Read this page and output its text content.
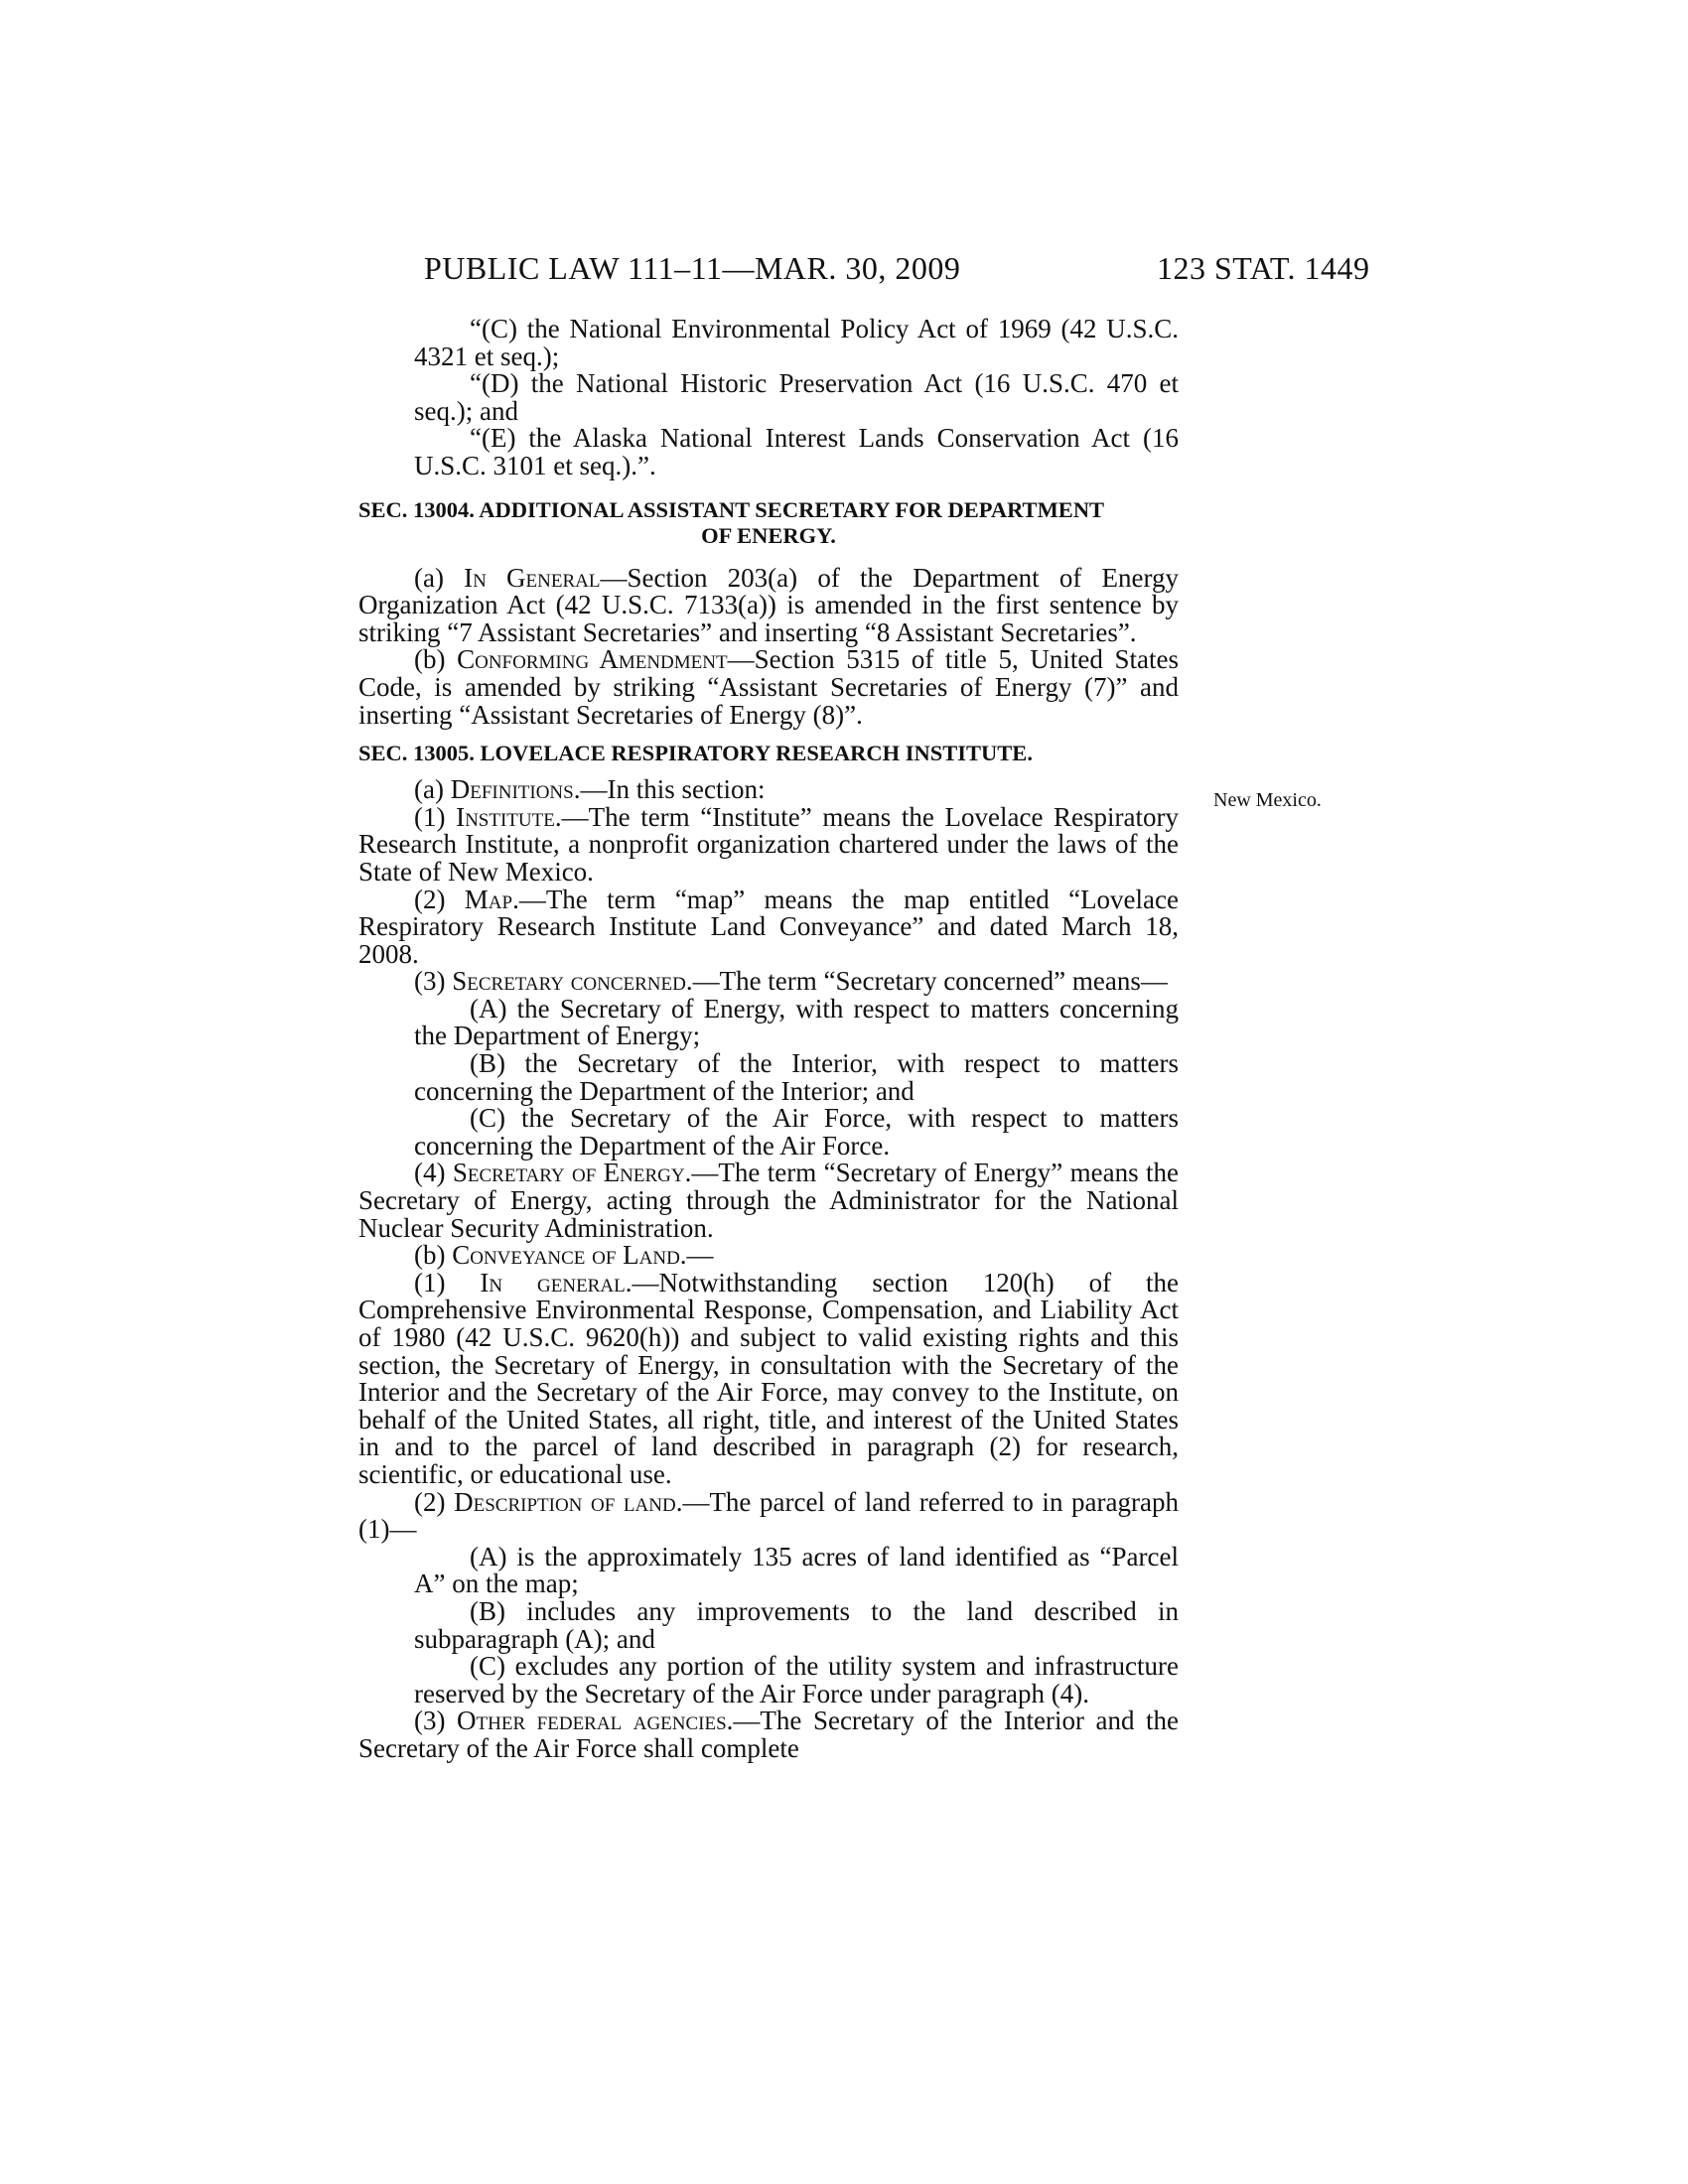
PUBLIC LAW 111–11—MAR. 30, 2009	123 STAT. 1449
New Mexico.

“(C) the National Environmental Policy Act of 1969 (42 U.S.C. 4321 et seq.);

“(D) the National Historic Preservation Act (16 U.S.C. 470 et seq.); and

“(E) the Alaska National Interest Lands Conservation Act (16 U.S.C. 3101 et seq.).”.

SEC. 13004. ADDITIONAL ASSISTANT SECRETARY FOR DEPARTMENT
OF ENERGY.

(a) In General—Section 203(a) of the Department of Energy Organization Act (42 U.S.C. 7133(a)) is amended in the first sentence by striking “7 Assistant Secretaries” and inserting “8 Assistant Secretaries”.

(b) Conforming Amendment—Section 5315 of title 5, United States Code, is amended by striking “Assistant Secretaries of Energy (7)” and inserting “Assistant Secretaries of Energy (8)”.

SEC. 13005. LOVELACE RESPIRATORY RESEARCH INSTITUTE.

(a) Definitions.—In this section:

(1) Institute.—The term “Institute” means the Lovelace Respiratory Research Institute, a nonprofit organization chartered under the laws of the State of New Mexico.

(2) Map.—The term “map” means the map entitled “Lovelace Respiratory Research Institute Land Conveyance” and dated March 18, 2008.

(3) Secretary concerned.—The term “Secretary concerned” means—

(A) the Secretary of Energy, with respect to matters concerning the Department of Energy;

(B) the Secretary of the Interior, with respect to matters concerning the Department of the Interior; and

(C) the Secretary of the Air Force, with respect to matters concerning the Department of the Air Force.

(4) Secretary of Energy.—The term “Secretary of Energy” means the Secretary of Energy, acting through the Administrator for the National Nuclear Security Administration.

(b) Conveyance of Land.—

(1) In general.—Notwithstanding section 120(h) of the Comprehensive Environmental Response, Compensation, and Liability Act of 1980 (42 U.S.C. 9620(h)) and subject to valid existing rights and this section, the Secretary of Energy, in consultation with the Secretary of the Interior and the Secretary of the Air Force, may convey to the Institute, on behalf of the United States, all right, title, and interest of the United States in and to the parcel of land described in paragraph (2) for research, scientific, or educational use.

(2) Description of land.—The parcel of land referred to in paragraph (1)—

(A) is the approximately 135 acres of land identified as “Parcel A” on the map;

(B) includes any improvements to the land described in subparagraph (A); and

(C) excludes any portion of the utility system and infrastructure reserved by the Secretary of the Air Force under paragraph (4).

(3) Other federal agencies.—The Secretary of the Interior and the Secretary of the Air Force shall complete
